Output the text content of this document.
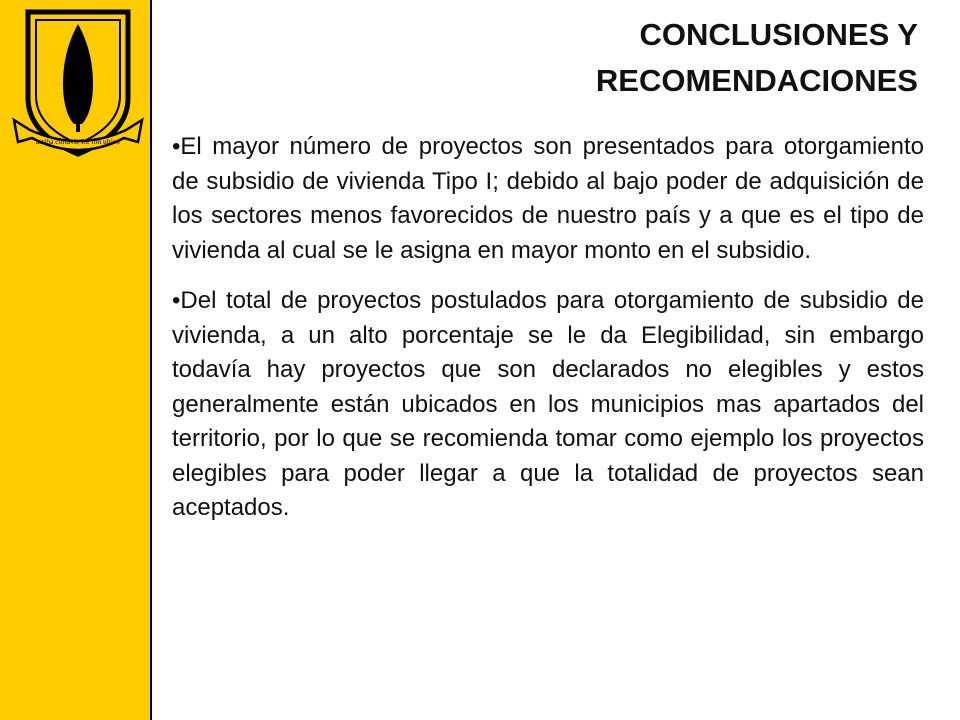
arriba cortavie lor ton ultive
CONCLUSIONES Y
RECOMENDACIONES

•El mayor número de proyectos son presentados para otorgamiento de subsidio de vivienda Tipo I; debido al bajo poder de adquisición de los sectores menos favorecidos de nuestro país y a que es el tipo de vivienda al cual se le asigna en mayor monto en el subsidio.

•Del total de proyectos postulados para otorgamiento de subsidio de vivienda, a un alto porcentaje se le da Elegibilidad, sin embargo todavía hay proyectos que son declarados no elegibles y estos generalmente están ubicados en los municipios mas apartados del territorio, por lo que se recomienda tomar como ejemplo los proyectos elegibles para poder llegar a que la totalidad de proyectos sean aceptados.
